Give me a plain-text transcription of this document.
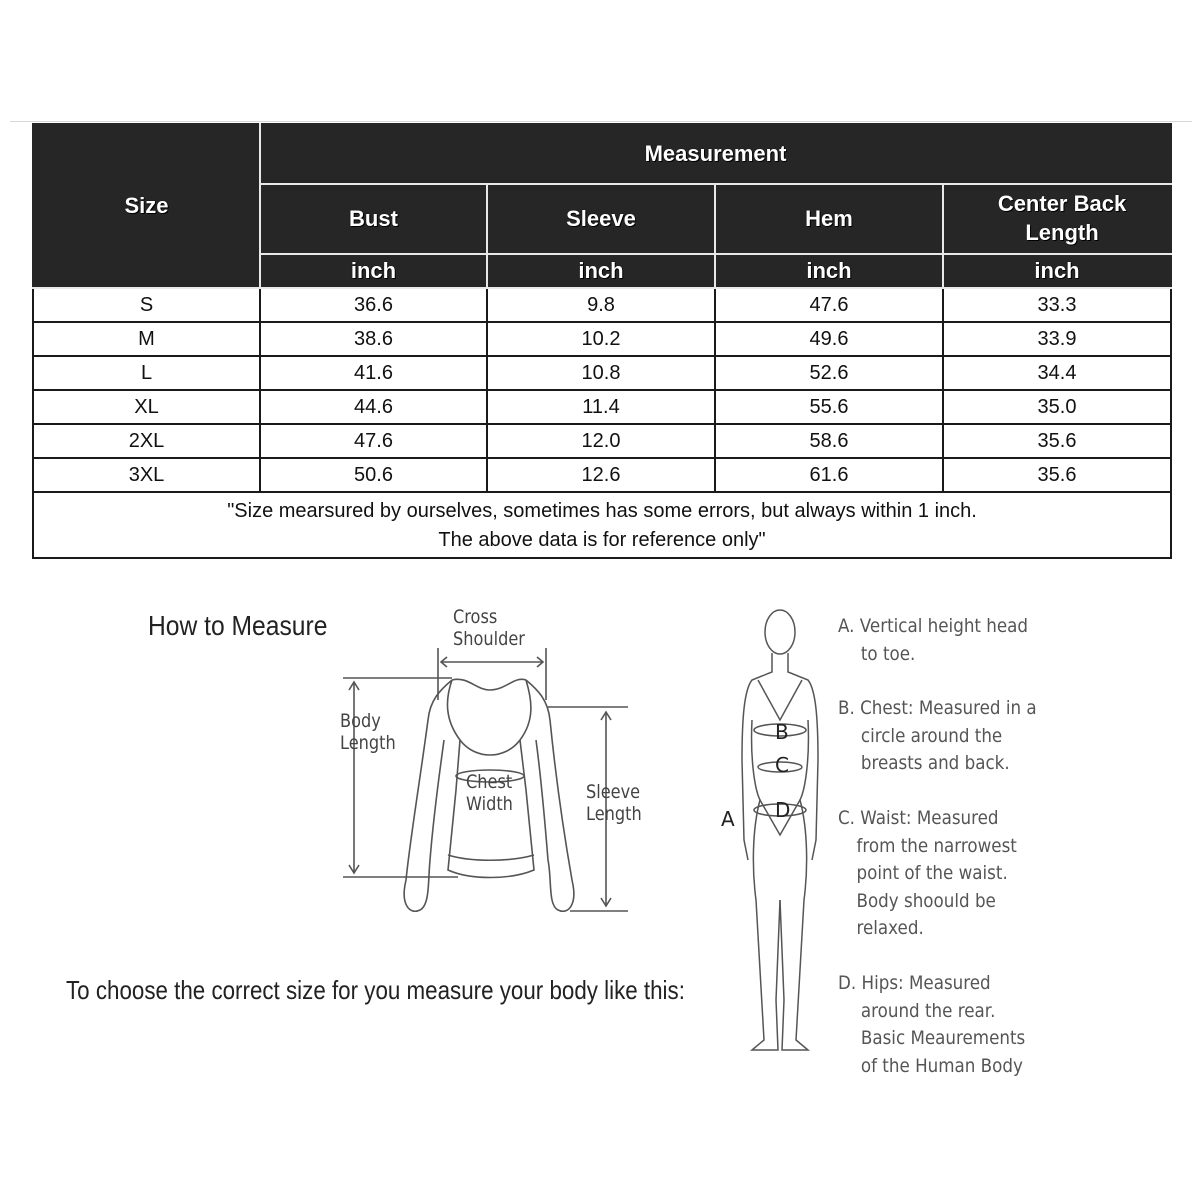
Size	Measurement			
	Bust	Sleeve	Hem	Center Back
Length
	inch	inch	inch	inch
S	36.6	9.8	47.6	33.3
M	38.6	10.2	49.6	33.9
L	41.6	10.8	52.6	34.4
XL	44.6	11.4	55.6	35.0
2XL	47.6	12.0	58.6	35.6
3XL	50.6	12.6	61.6	35.6
"Size mearsured by ourselves, sometimes has some errors, but always within 1 inch.
The above data is for reference only"				
How to Measure	Cross
Shoulder
Body
Length
Chest
Width
Sleeve
Length
To choose the correct size for you measure your body like this:
B
C
D
A
A. Vertical height head
to toe.
B. Chest: Measured in a
circle around the
breasts and back.
C. Waist: Measured
from the narrowest
point of the waist.
Body shoould be
relaxed.
D. Hips: Measured
around the rear.
Basic Meaurements
of the Human Body
